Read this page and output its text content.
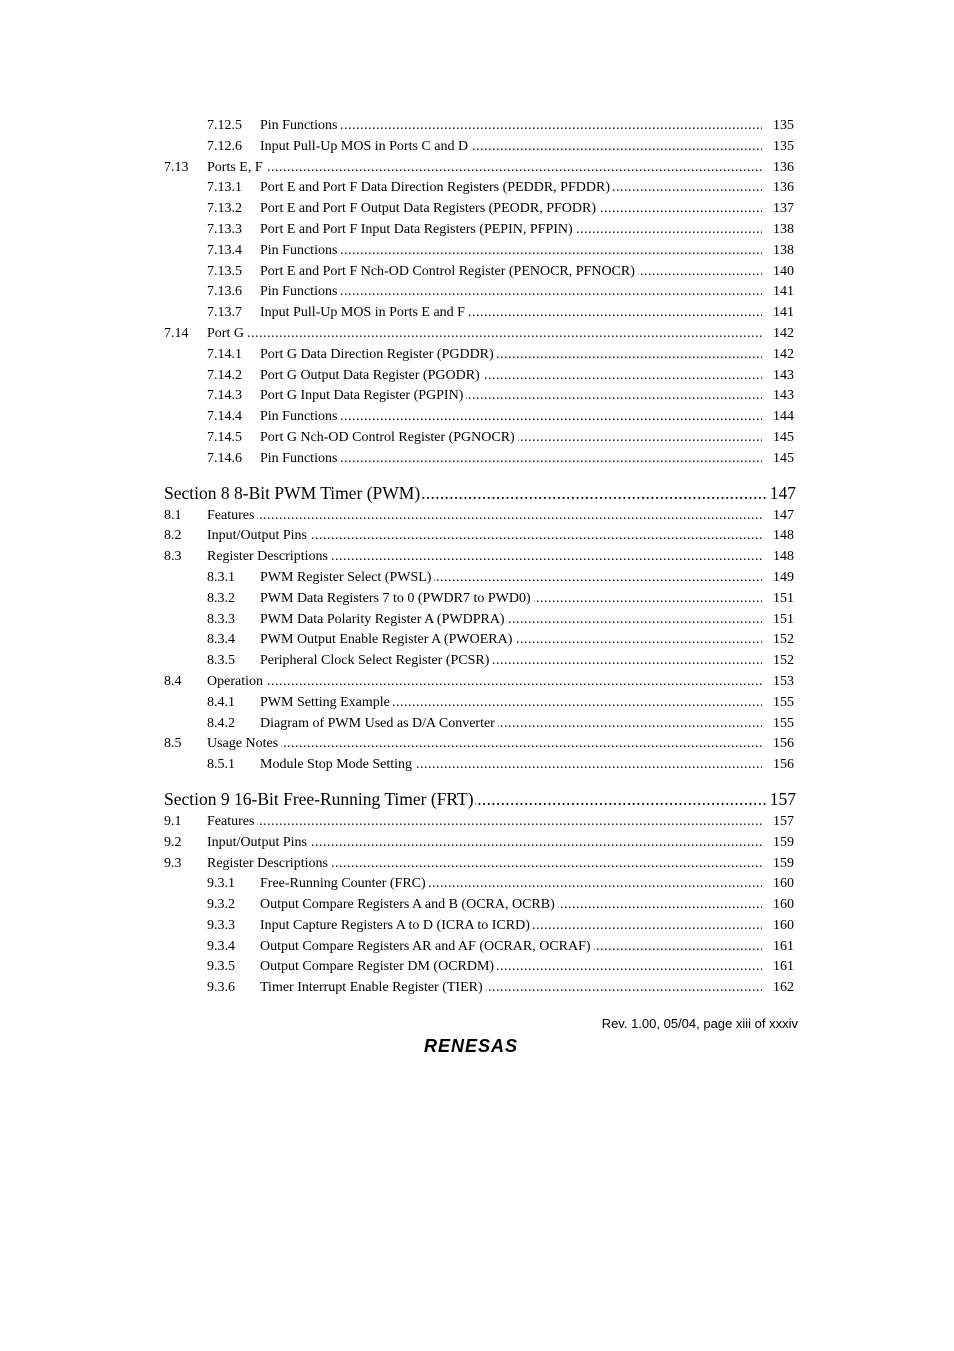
7.12.5 Pin Functions .....	135
7.12.6 Input Pull-Up MOS in Ports C and D .....	135
7.13 Ports E, F .....	136
7.13.1 Port E and Port F Data Direction Registers (PEDDR, PFDDR) .....	136
7.13.2 Port E and Port F Output Data Registers (PEODR, PFODR) .....	137
7.13.3 Port E and Port F Input Data Registers (PEPIN, PFPIN) .....	138
7.13.4 Pin Functions .....	138
7.13.5 Port E and Port F Nch-OD Control Register (PENOCR, PFNOCR) .....	140
7.13.6 Pin Functions .....	141
7.13.7 Input Pull-Up MOS in Ports E and F .....	141
7.14 Port G .....	142
7.14.1 Port G Data Direction Register (PGDDR) .....	142
7.14.2 Port G Output Data Register (PGODR) .....	143
7.14.3 Port G Input Data Register (PGPIN) .....	143
7.14.4 Pin Functions .....	144
7.14.5 Port G Nch-OD Control Register (PGNOCR) .....	145
7.14.6 Pin Functions .....	145
Section 8 8-Bit PWM Timer (PWM) .....	147
8.1 Features .....	147
8.2 Input/Output Pins .....	148
8.3 Register Descriptions .....	148
8.3.1 PWM Register Select (PWSL) .....	149
8.3.2 PWM Data Registers 7 to 0 (PWDR7 to PWD0) .....	151
8.3.3 PWM Data Polarity Register A (PWDPRA) .....	151
8.3.4 PWM Output Enable Register A (PWOERA) .....	152
8.3.5 Peripheral Clock Select Register (PCSR) .....	152
8.4 Operation .....	153
8.4.1 PWM Setting Example .....	155
8.4.2 Diagram of PWM Used as D/A Converter .....	155
8.5 Usage Notes .....	156
8.5.1 Module Stop Mode Setting .....	156
Section 9 16-Bit Free-Running Timer (FRT) .....	157
9.1 Features .....	157
9.2 Input/Output Pins .....	159
9.3 Register Descriptions .....	159
9.3.1 Free-Running Counter (FRC) .....	160
9.3.2 Output Compare Registers A and B (OCRA, OCRB) .....	160
9.3.3 Input Capture Registers A to D (ICRA to ICRD) .....	160
9.3.4 Output Compare Registers AR and AF (OCRAR, OCRAF) .....	161
9.3.5 Output Compare Register DM (OCRDM) .....	161
9.3.6 Timer Interrupt Enable Register (TIER) .....	162
Rev. 1.00, 05/04, page xiii of xxxiv
RENESAS
